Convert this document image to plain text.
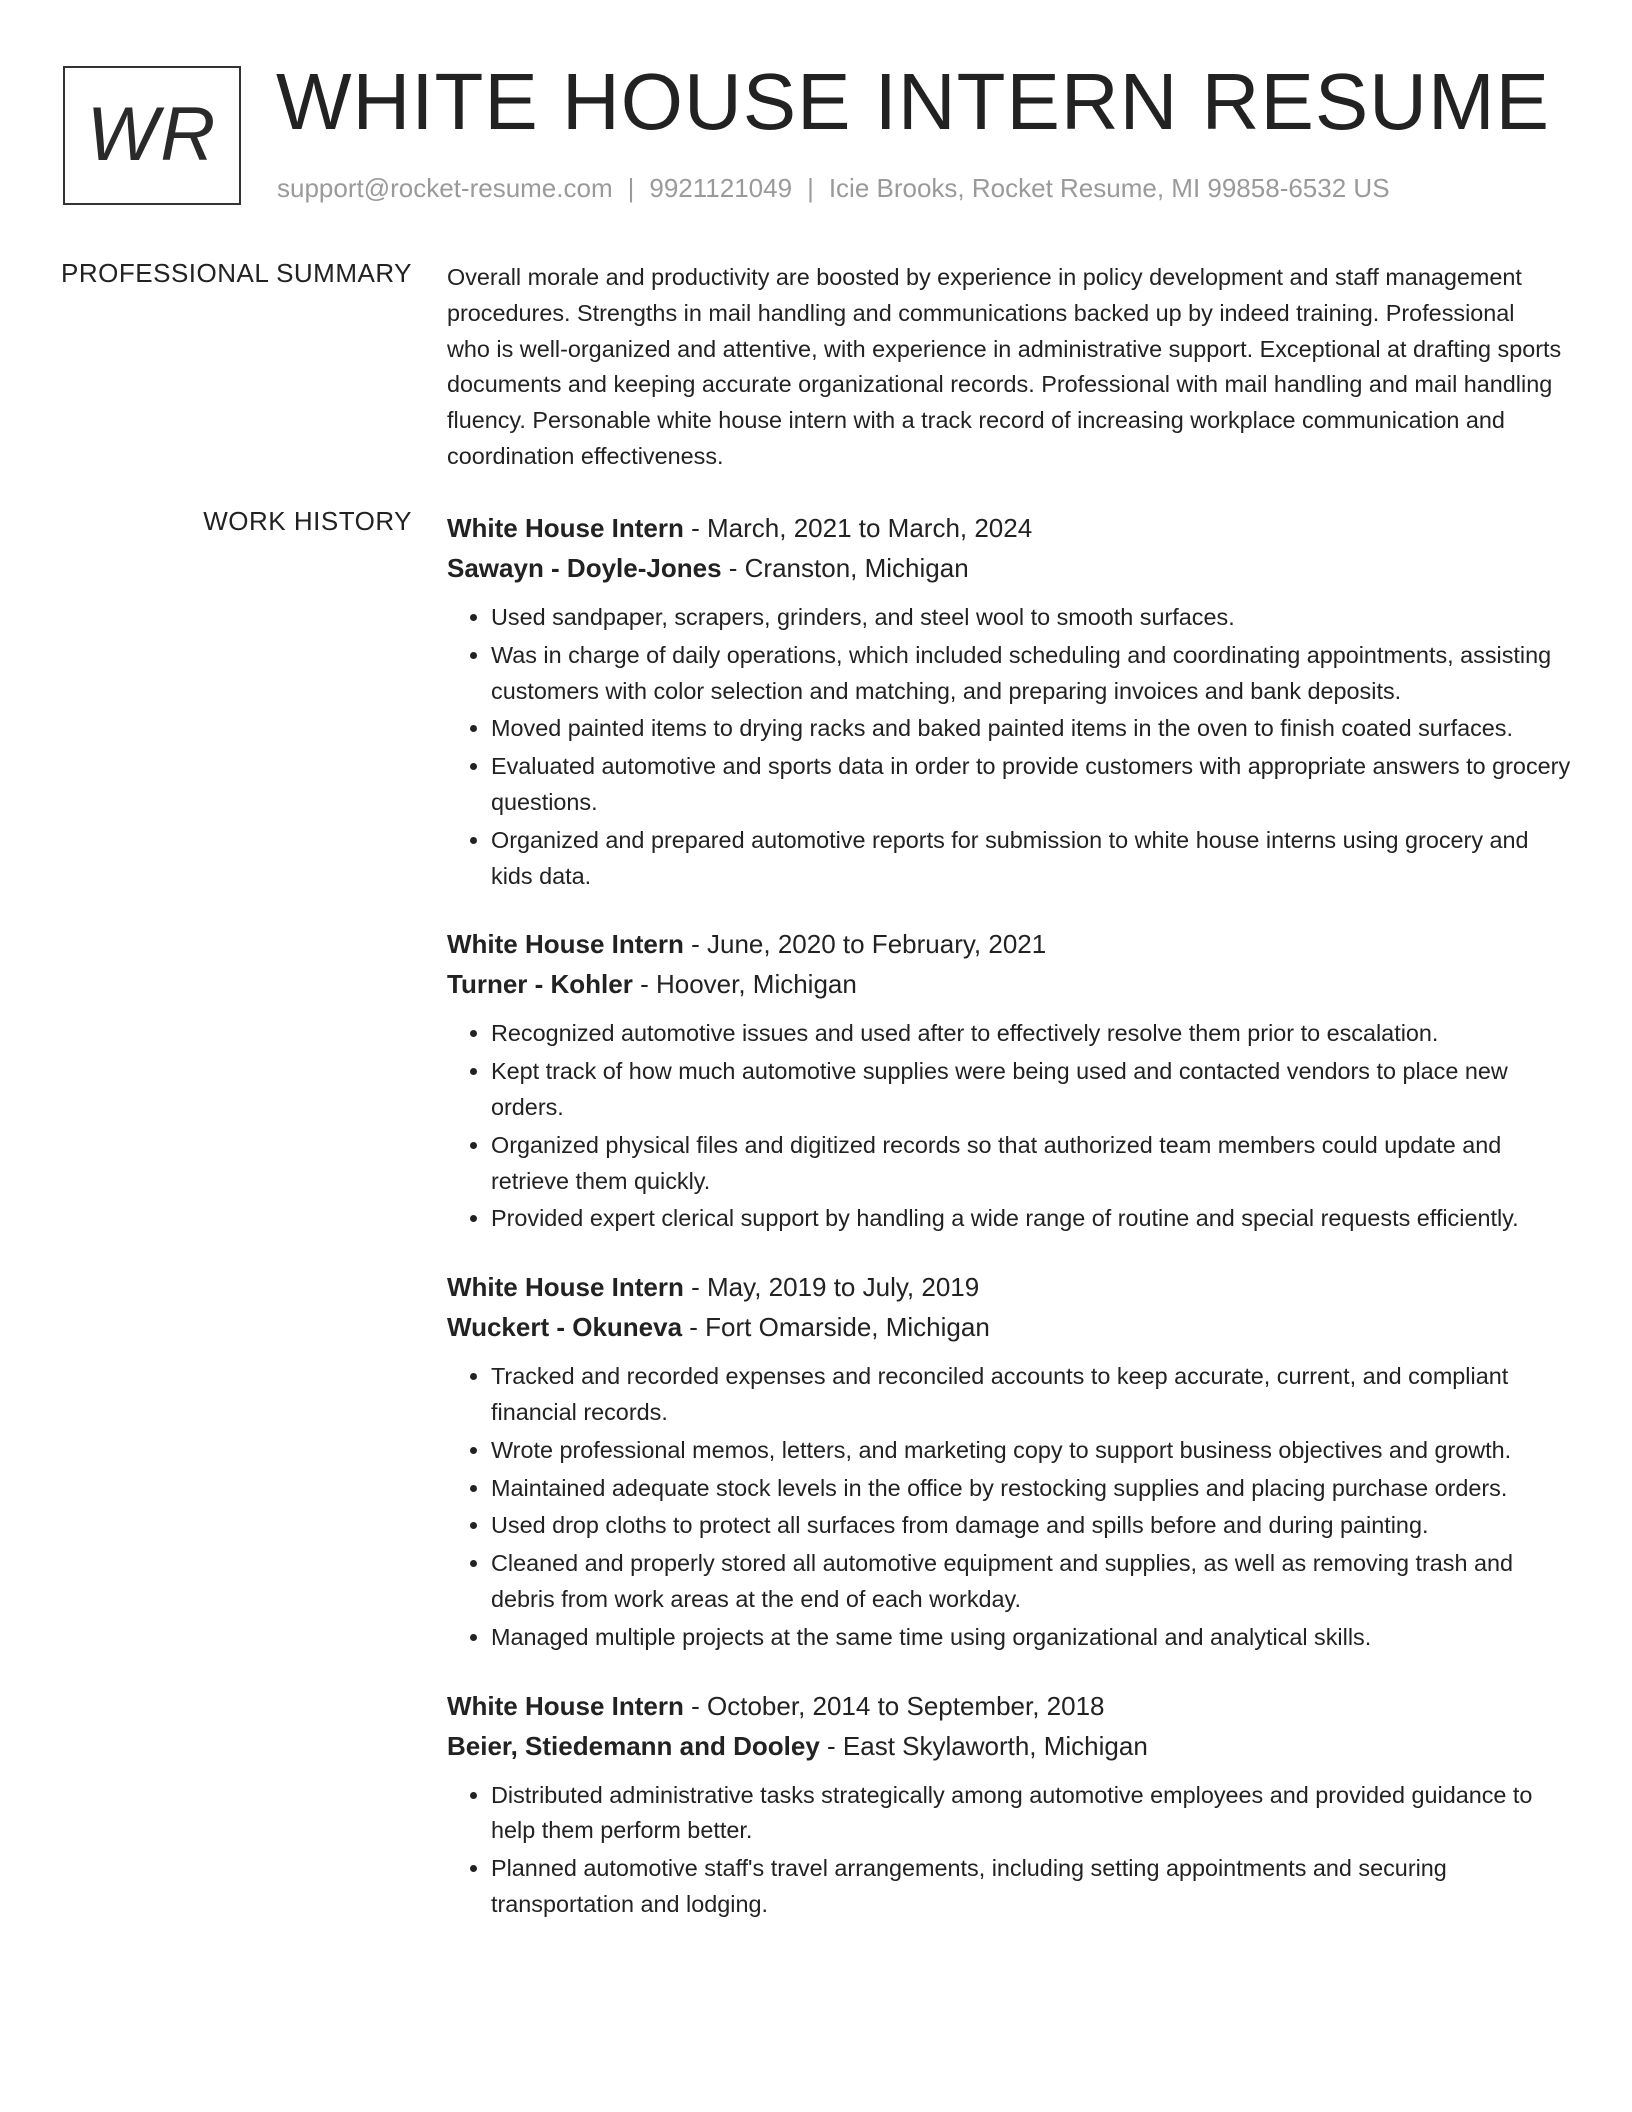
WR WHITE HOUSE INTERN RESUME
support@rocket-resume.com | 9921121049 | Icie Brooks, Rocket Resume, MI 99858-6532 US
PROFESSIONAL SUMMARY Overall morale and productivity are boosted by experience in policy development and staff management procedures. Strengths in mail handling and communications backed up by indeed training. Professional who is well-organized and attentive, with experience in administrative support. Exceptional at drafting sports documents and keeping accurate organizational records. Professional with mail handling and mail handling fluency. Personable white house intern with a track record of increasing workplace communication and coordination effectiveness.

WORK HISTORY White House Intern - March, 2021 to March, 2024
Sawayn - Doyle-Jones - Cranston, Michigan
• Used sandpaper, scrapers, grinders, and steel wool to smooth surfaces.
• Was in charge of daily operations, which included scheduling and coordinating appointments, assisting customers with color selection and matching, and preparing invoices and bank deposits.
• Moved painted items to drying racks and baked painted items in the oven to finish coated surfaces.
• Evaluated automotive and sports data in order to provide customers with appropriate answers to grocery questions.
• Organized and prepared automotive reports for submission to white house interns using grocery and kids data.
White House Intern - June, 2020 to February, 2021
Turner - Kohler - Hoover, Michigan
• Recognized automotive issues and used after to effectively resolve them prior to escalation.
• Kept track of how much automotive supplies were being used and contacted vendors to place new orders.
• Organized physical files and digitized records so that authorized team members could update and retrieve them quickly.
• Provided expert clerical support by handling a wide range of routine and special requests efficiently.
White House Intern - May, 2019 to July, 2019
Wuckert - Okuneva - Fort Omarside, Michigan
• Tracked and recorded expenses and reconciled accounts to keep accurate, current, and compliant financial records.
• Wrote professional memos, letters, and marketing copy to support business objectives and growth.
• Maintained adequate stock levels in the office by restocking supplies and placing purchase orders.
• Used drop cloths to protect all surfaces from damage and spills before and during painting.
• Cleaned and properly stored all automotive equipment and supplies, as well as removing trash and debris from work areas at the end of each workday.
• Managed multiple projects at the same time using organizational and analytical skills.
White House Intern - October, 2014 to September, 2018
Beier, Stiedemann and Dooley - East Skylaworth, Michigan
• Distributed administrative tasks strategically among automotive employees and provided guidance to help them perform better.
• Planned automotive staff's travel arrangements, including setting appointments and securing transportation and lodging.
